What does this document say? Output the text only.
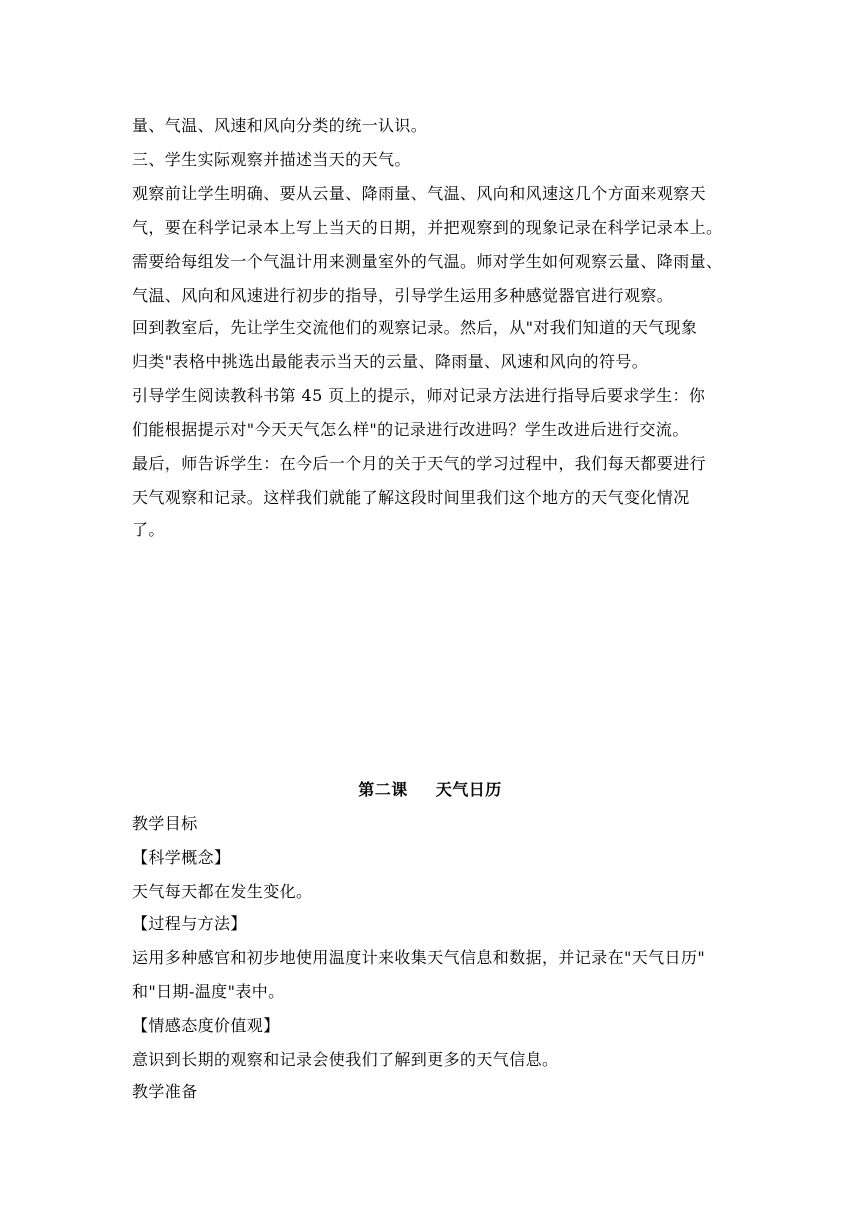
量、气温、风速和风向分类的统一认识。
三、学生实际观察并描述当天的天气。
观察前让学生明确、要从云量、降雨量、气温、风向和风速这几个方面来观察天
气，要在科学记录本上写上当天的日期，并把观察到的现象记录在科学记录本上。
需要给每组发一个气温计用来测量室外的气温。师对学生如何观察云量、降雨量、
气温、风向和风速进行初步的指导，引导学生运用多种感觉器官进行观察。
回到教室后，先让学生交流他们的观察记录。然后，从"对我们知道的天气现象
归类"表格中挑选出最能表示当天的云量、降雨量、风速和风向的符号。
引导学生阅读教科书第 45 页上的提示，师对记录方法进行指导后要求学生：你
们能根据提示对"今天天气怎么样"的记录进行改进吗？学生改进后进行交流。
最后，师告诉学生：在今后一个月的关于天气的学习过程中，我们每天都要进行
天气观察和记录。这样我们就能了解这段时间里我们这个地方的天气变化情况
了。
第二课 天气日历
教学目标
【科学概念】
天气每天都在发生变化。
【过程与方法】
运用多种感官和初步地使用温度计来收集天气信息和数据，并记录在"天气日历"
和"日期-温度"表中。
【情感态度价值观】
意识到长期的观察和记录会使我们了解到更多的天气信息。
教学准备
